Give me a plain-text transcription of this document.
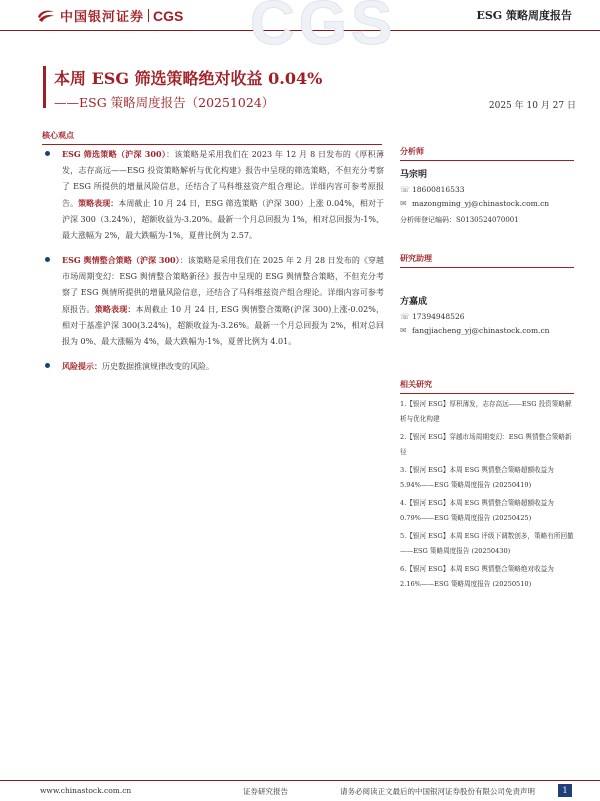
中国银河证券 CGS	ESG 策略周度报告
CGS
本周 ESG 筛选策略绝对收益 0.04%
——ESG 策略周度报告（20251024）	2025 年 10 月 27 日
核心观点
ESG 筛选策略（沪深 300）：该策略是采用我们在 2023 年 12 月 8 日发布的《厚积薄发，志存高远——ESG 投资策略解析与优化构建》报告中呈现的筛选策略，不但充分考察了 ESG 所提供的增量风险信息，还结合了马科维兹资产组合理论。详细内容可参考原报告。策略表现：本周截止 10 月 24 日，ESG 筛选策略（沪深 300）上涨 0.04%，相对于沪深 300（3.24%），超额收益为-3.20%。最新一个月总回报为 1%，相对总回报为-1%、最大涨幅为 2%，最大跌幅为-1%，夏普比例为 2.57。
ESG 舆情整合策略（沪深 300）：该策略是采用我们在 2025 年 2 月 28 日发布的《穿越市场周期变幻：ESG 舆情整合策略新径》报告中呈现的 ESG 舆情整合策略，不但充分考察了 ESG 舆情所提供的增量风险信息，还结合了马科维兹资产组合理论。详细内容可参考原报告。策略表现：本周截止 10 月 24 日, ESG 舆情整合策略(沪深 300)上涨-0.02%，相对于基准沪深 300(3.24%)，超额收益为-3.26%。最新一个月总回报为 2%，相对总回报为 0%、最大涨幅为 4%，最大跌幅为-1%，夏普比例为 4.01。
风险提示：历史数据推演规律改变的风险。
分析师
马宗明
☏ 18600816533
✉ mazongming_yj@chinastock.com.cn
分析师登记编码：S0130524070001
研究助理
方嘉成
☏ 17394948526
✉ fangjiacheng_yj@chinastock.com.cn
相关研究
1.【银河 ESG】厚积薄发，志存高远——ESG 投资策略解析与优化构建
2.【银河 ESG】穿越市场周期变幻：ESG 舆情整合策略新径
3.【银河 ESG】本周 ESG 舆情整合策略超额收益为 5.94%——ESG 策略周度报告 (20250419)
4.【银河 ESG】本周 ESG 舆情整合策略超额收益为 0.79%——ESG 策略周度报告 (20250425)
5.【银河 ESG】本周 ESG 评级下调数创多，策略有所回撤——ESG 策略周度报告 (20250430)
6.【银河 ESG】本周 ESG 舆情整合策略绝对收益为 2.16%——ESG 策略周度报告 (20250510)
www.chinastock.com.cn	证券研究报告	请务必阅读正文最后的中国银河证券股份有限公司免责声明	1
